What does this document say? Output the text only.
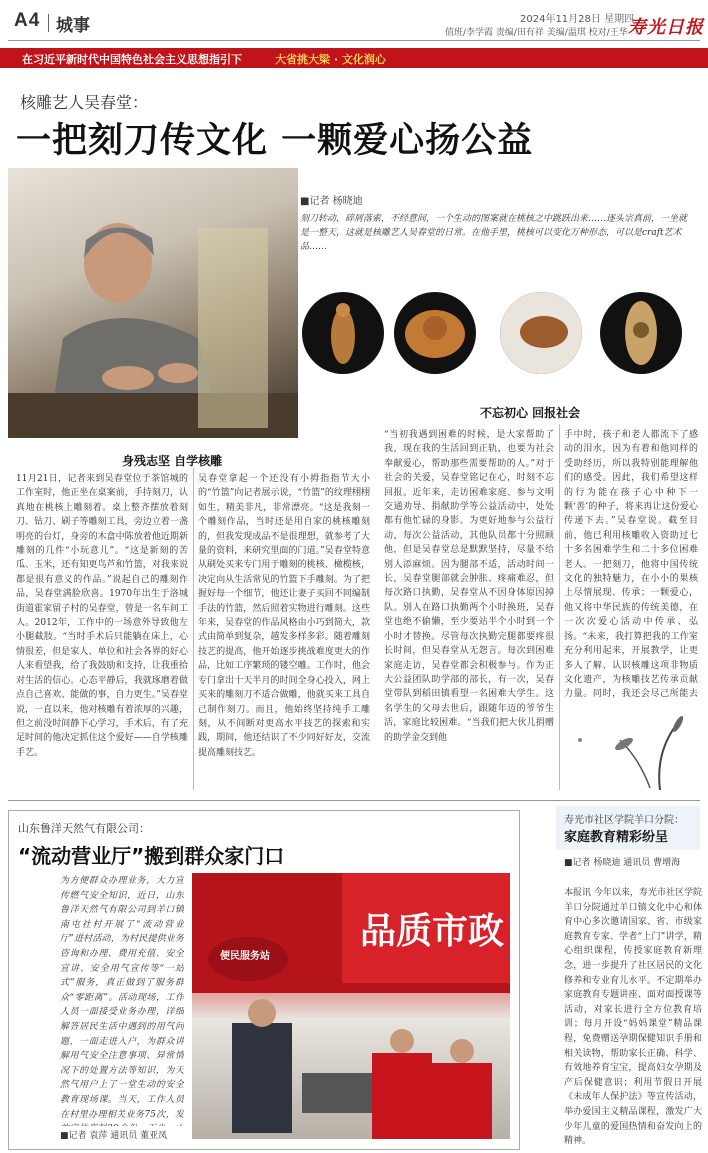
A4 城事	2024年11月28日 星期四
值班/李学霞 责编/田有祥 美编/温琪 校对/王华 寿光日报
在习近平新时代中国特色社会主义思想指引下	大省挑大梁 · 文化润心
核雕艺人吴春堂：
一把刻刀传文化 一颗爱心扬公益
■记者 杨晓迪
刻刀转动，碎屑落索，不经意间，一个生动的图案就在桃核之中跳跃出来……逐头宗真前，一坐就是一整天，这就是核雕艺人吴春堂的日常。在他手里，桃核可以变化万种形态，可以是craft艺术品……
身残志坚 自学核雕
不忘初心 回报社会
11月21日，记者来到吴春堂位于茶馆城的工作室时，他正坐在桌案前，手持刻刀，认真地在桃核上雕刻着。桌上整齐摆放着刻刀、钻刀、刷子等雕刻工具，旁边立着一盏明亮的台灯，身旁的木盒中陈放着他近期新雕刻的几件“小玩意儿”。“这是新刻的苦瓜、玉米，还有知更鸟芦和竹篮，对我来说都是很有意义的作品。”说起自己的雕刻作品，吴春堂满脸欣喜。1970年出生于洛城街道霍家留子村的吴春堂，曾是一名车间工人。2012年，工作中的一场意外导致他左小腿截肢。“当时手术后只能躺在床上，心情很差，但是家人、单位和社会各界的好心人来看望我，给了我鼓励和支持，让我重拾对生活的信心。心态平静后，我就琢磨着做点自己喜欢、能做的事，自力更生。”吴春堂说，一直以来，他对核雕有着浓厚的兴趣，但之前没时间静下心学习，手术后，有了充足时间的他决定抓住这个爱好——自学核雕手艺。
吴春堂拿起一个还没有小拇指指节大小的“竹篮”向记者展示说，“竹篮”的纹理栩栩如生，精美非凡，非常漂亮。“这是我刻一个雕刻作品，当时还是用自家的桃核雕刻的，但我发现成品不是很理想，就参考了大量的资料，来研究里面的门道。”吴春堂特意从刷处买来专门用于雕刻的桃核、橄榄核，决定向从生活常见的竹篮下手雕刻。为了把握好每一个细节，他还让妻子买回不同编制手法的竹篮，然后照着实物进行雕刻。这些年来，吴春堂的作品风格由小巧到简大，款式由简单到复杂，越发多样多彩。随着雕刻技艺的提高，他开始逐步挑战难度更大的作品，比如工序繁琐的镂空雕。工作时，他会专门拿出十天半月的时间全身心投入，网上买来的雕刻刀不适合做雕，他就买来工具自己制作刻刀。而且，他始终坚持纯手工雕刻，从不间断对更高水平技艺的探索和实践，期间，他还结识了不少同好好友，交流提高雕刻技艺。
“当初我遇到困难的时候，是大家帮助了我，现在我的生活回到正轨，也要为社会奉献爱心，帮助那些需要帮助的人。”对于社会的关爱，吴春堂铭记在心，时刻不忘回报。近年来，走访困难家庭、参与文明交通劝导、捐献助学等公益活动中，处处都有他忙碌的身影。为更好地参与公益行动，每次公益活动，其他队员都十分照顾他，但是吴春堂总是默默坚持，尽量不给别人添麻烦。因为腿部不适，活动时间一长，吴春堂腿部就会肿胀、疼痛难忍，但每次路口执勤，吴春堂从不因身体原因掉队。别人在路口执勤两个小时换班，吴春堂也绝不偷懒，至少要站半个小时到一个小时才替换。尽管每次执勤完腿都要疼很长时间，但吴春堂从无怨言。每次到困难家庭走访，吴春堂都会积极参与。作为正大公益团队助学部的部长，有一次，吴春堂带队到稻田镇看望一名困难大学生。这名学生的父母去世后，跟随年迈的爷爷生活，家庭比较困难。“当我们把大伙儿捐赠的助学金交到他
手中时，孩子和老人都流下了感动的泪水，因为有着和他同样的受助经历，所以我特别能理解他们的感受。因此，我们希望这样的行为能在孩子心中种下一颗‘善’的种子，将来再让这份爱心传递下去。”吴春堂说。截至目前，他已利用核雕收入资助过七十多名困难学生和二十多位困难老人。一把刻刀，他将中国传统文化的独特魅力，在小小的果核上尽情展现、传承；一颗爱心，他又将中华民族的传统美德，在一次次爱心活动中传承、弘扬。“未来，我打算把我的工作室充分利用起来，开展教学，让更多人了解、认识核雕这项非物质文化遗产，为核雕技艺传承贡献力量。同时，我还会尽己所能去
山东鲁洋天然气有限公司：
“流动营业厅”搬到群众家门口
为方便群众办理业务，大力宣传燃气安全知识，近日，山东鲁洋天然气有限公司到羊口镇南屯社村开展了“流动营业厅”进村活动，为村民提供业务咨询和办理、费用充值、安全宣讲、安全用气宣传等“一站式”服务，真正做到了服务群众“零距离”。活动现场，工作人员一面接受业务办理，详细解答居民生活中遇到的用气问题，一面走进入户，为群众讲解用气安全注意事项、异常情况下的处置方法等知识，为天然气用户上了一堂生动的安全教育现场课。当天，工作人员在村里办理相关业务75次，发
■记者 袁萍 通讯员 董亚凤
便民服务站
品质市政
寿光市社区学院羊口分院：
家庭教育精彩纷呈
■记者 杨晓迪 通讯员 曹增海
本报讯 今年以来，寿光市社区学院羊口分院通过羊口镇文化中心和体育中心多次邀请国家、省、市级家庭教育专家、学者“上门”讲学，精心组织课程，传授家庭教育新理念，进一步提升了社区居民的文化修养和专业育儿水平。不定期举办家庭教育专题讲座、面对面授课等活动，对家长进行全方位教育培训；每月开设“妈妈课堂”精品课程，免费赠送孕期保健知识手册和相关读物，帮助家长正确、科学、有效地养育宝宝，提高妇女孕期及产后保健意识；利用节假日开展《未成年人保护法》等宣传活动，举办爱国主义精品课程，激发广大少年儿童的爱国热情和奋发向上的精神。
